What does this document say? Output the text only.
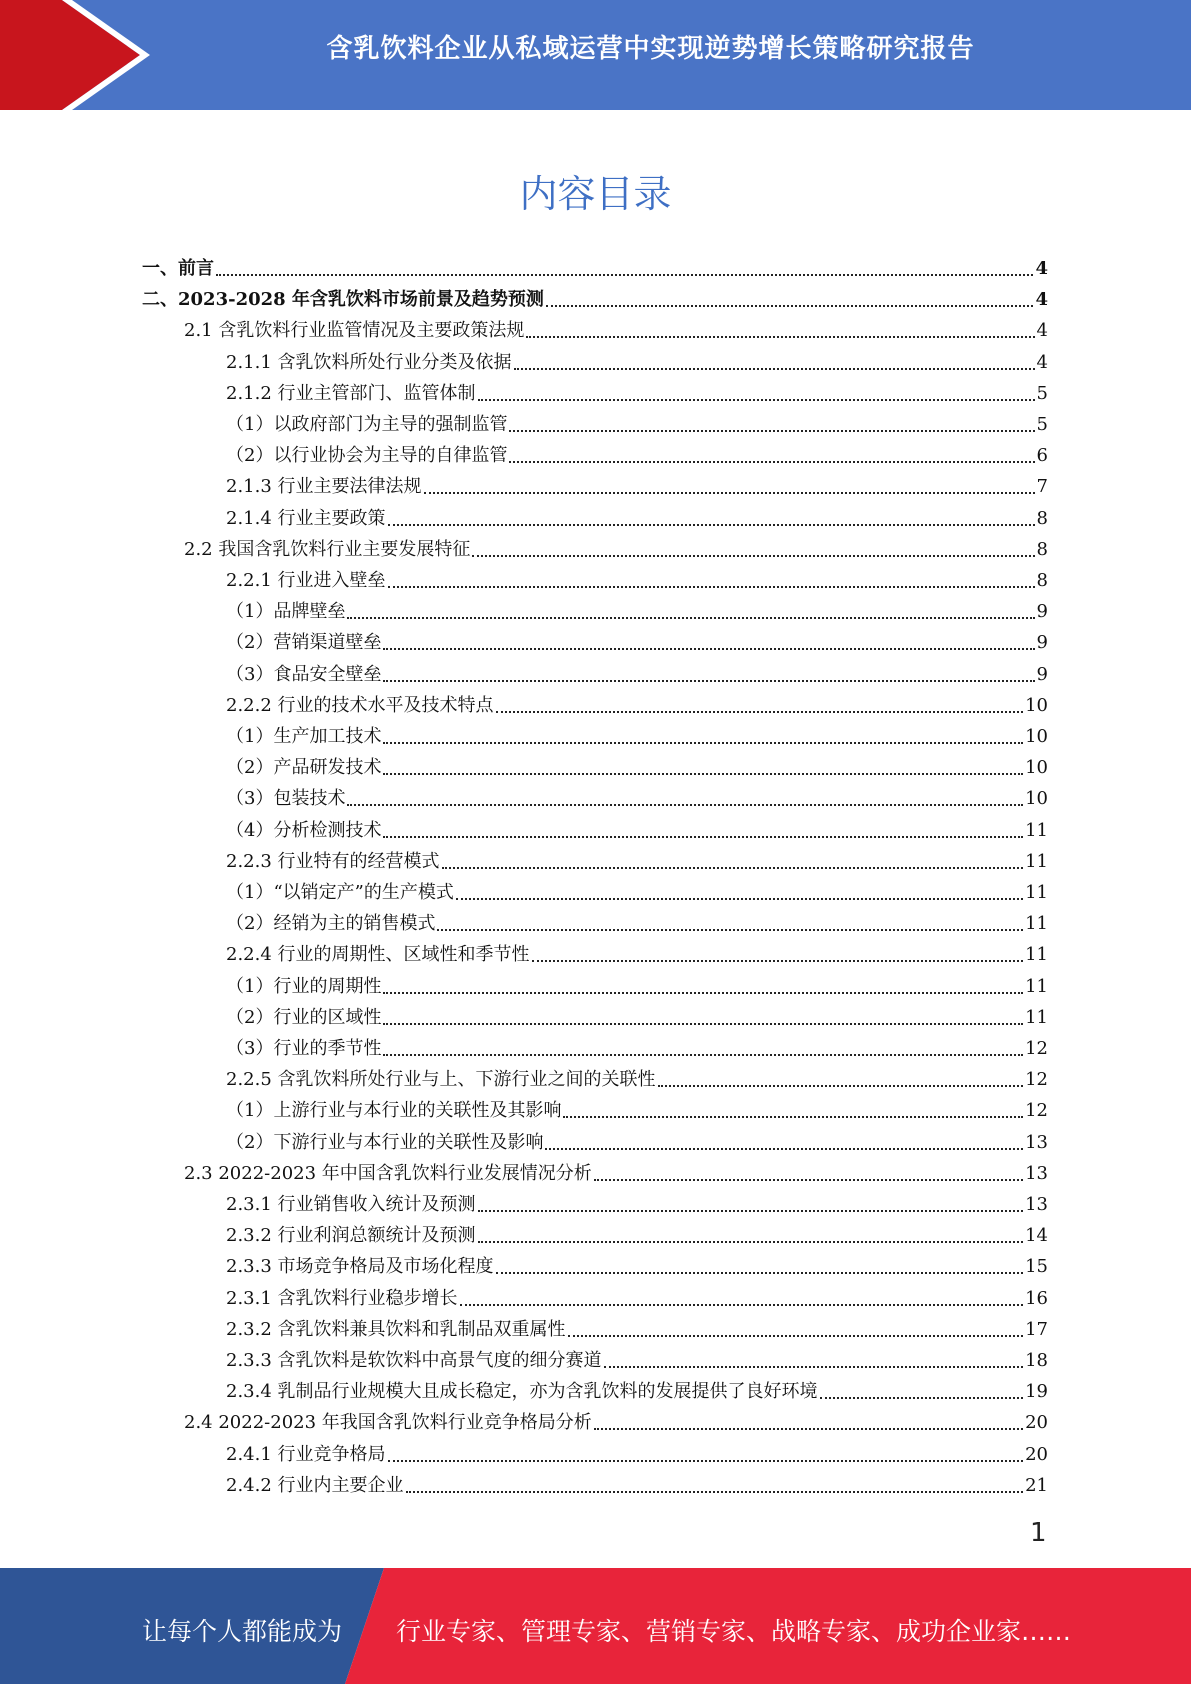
含乳饮料企业从私域运营中实现逆势增长策略研究报告
内容目录
一、前言	4
二、2023-2028 年含乳饮料市场前景及趋势预测	4
2.1 含乳饮料行业监管情况及主要政策法规	4
2.1.1 含乳饮料所处行业分类及依据	4
2.1.2 行业主管部门、监管体制	5
（1）以政府部门为主导的强制监管	5
（2）以行业协会为主导的自律监管	6
2.1.3 行业主要法律法规	7
2.1.4 行业主要政策	8
2.2 我国含乳饮料行业主要发展特征	8
2.2.1 行业进入壁垒	8
（1）品牌壁垒	9
（2）营销渠道壁垒	9
（3）食品安全壁垒	9
2.2.2 行业的技术水平及技术特点	10
（1）生产加工技术	10
（2）产品研发技术	10
（3）包装技术	10
（4）分析检测技术	11
2.2.3 行业特有的经营模式	11
（1）“以销定产”的生产模式	11
（2）经销为主的销售模式	11
2.2.4 行业的周期性、区域性和季节性	11
（1）行业的周期性	11
（2）行业的区域性	11
（3）行业的季节性	12
2.2.5 含乳饮料所处行业与上、下游行业之间的关联性	12
（1）上游行业与本行业的关联性及其影响	12
（2）下游行业与本行业的关联性及影响	13
2.3 2022-2023 年中国含乳饮料行业发展情况分析	13
2.3.1 行业销售收入统计及预测	13
2.3.2 行业利润总额统计及预测	14
2.3.3 市场竞争格局及市场化程度	15
2.3.1 含乳饮料行业稳步增长	16
2.3.2 含乳饮料兼具饮料和乳制品双重属性	17
2.3.3 含乳饮料是软饮料中高景气度的细分赛道	18
2.3.4 乳制品行业规模大且成长稳定，亦为含乳饮料的发展提供了良好环境	19
2.4 2022-2023 年我国含乳饮料行业竞争格局分析	20
2.4.1 行业竞争格局	20
2.4.2 行业内主要企业	21
1
让每个人都能成为 行业专家、管理专家、营销专家、战略专家、成功企业家……
